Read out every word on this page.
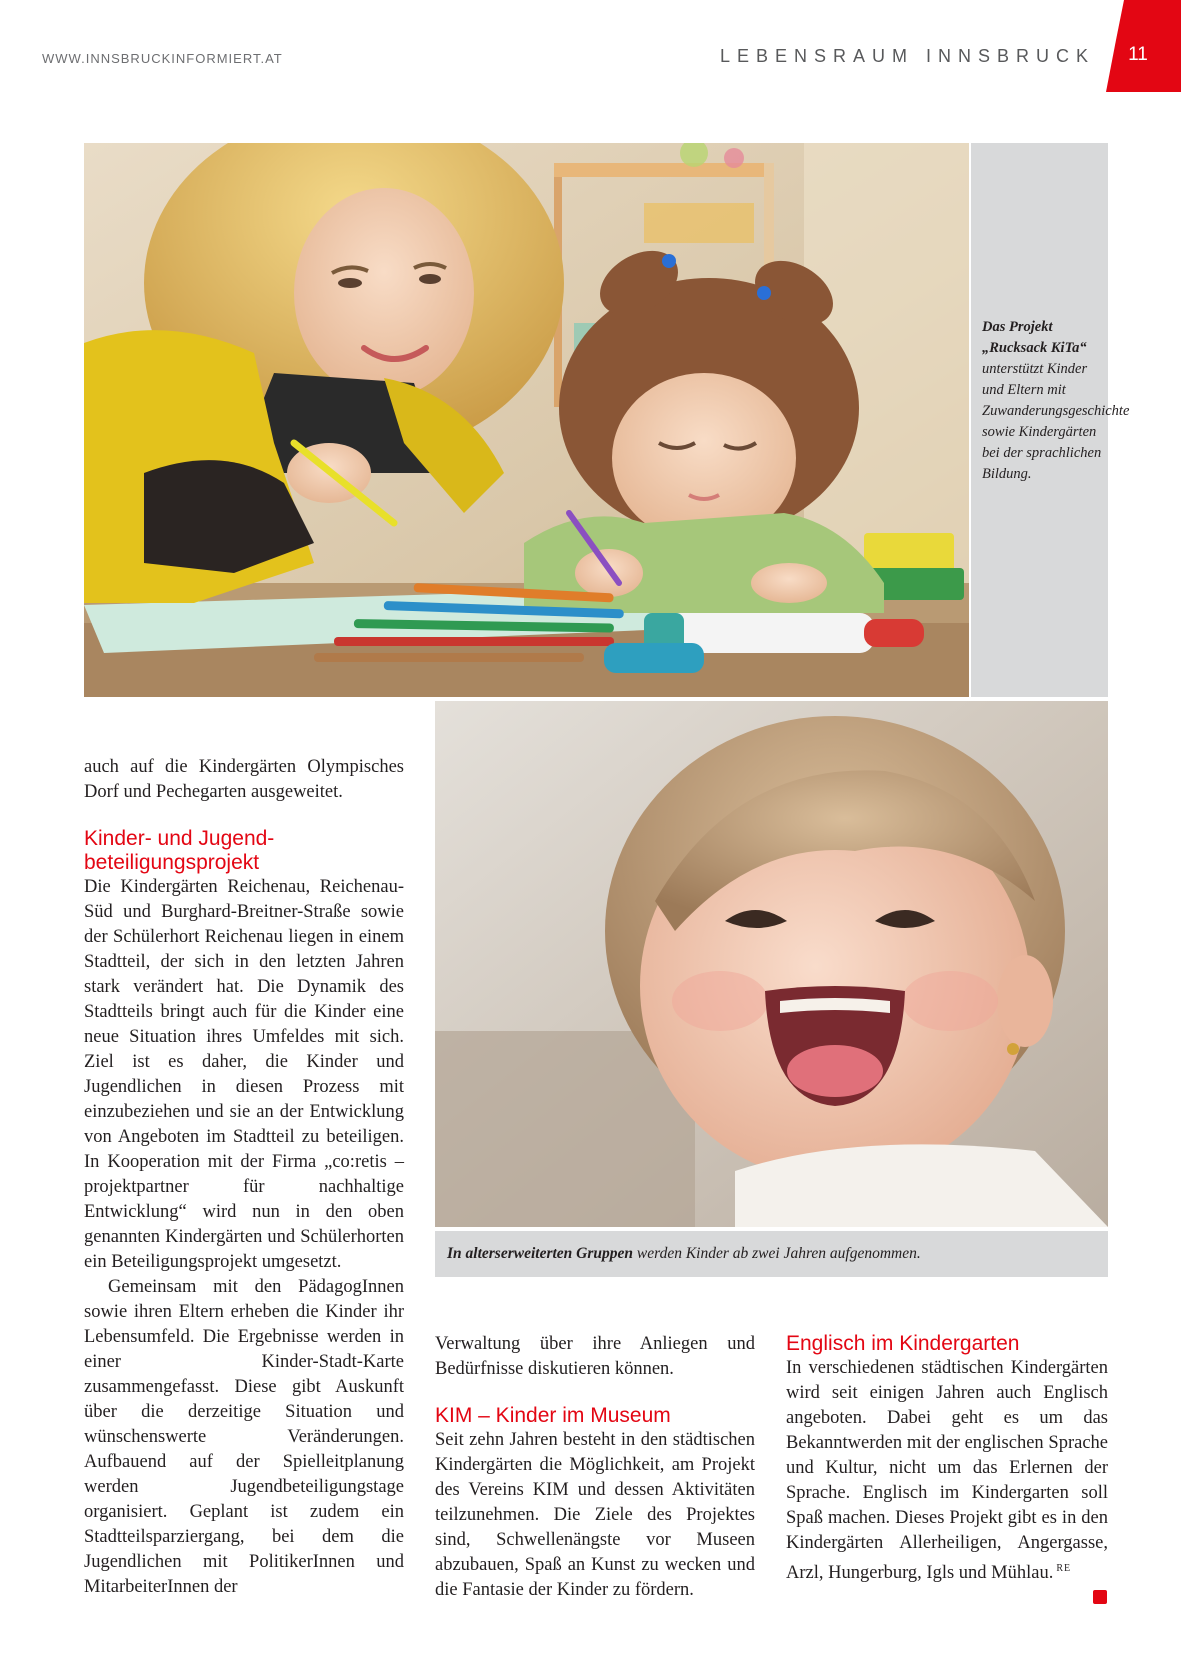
WWW.INNSBRUCKINFORMIERT.AT	LEBENSRAUM INNSBRUCK	11
Das Projekt „Rucksack KiTa“ unterstützt Kinder und Eltern mit Zuwanderungsgeschichte sowie Kindergärten bei der sprachlichen Bildung.
In alterserweiterten Gruppen werden Kinder ab zwei Jahren aufgenommen.

auch auf die Kindergärten Olympisches Dorf und Pechegarten ausgeweitet.

Kinder- und Jugend-
beteiligungsprojekt

Die Kindergärten Reichenau, Reichenau-Süd und Burghard-Breitner-Straße sowie der Schülerhort Reichenau liegen in einem Stadtteil, der sich in den letzten Jahren stark verändert hat. Die Dynamik des Stadtteils bringt auch für die Kinder eine neue Situation ihres Umfeldes mit sich. Ziel ist es daher, die Kinder und Jugendlichen in diesen Prozess mit einzubeziehen und sie an der Entwicklung von Angeboten im Stadtteil zu beteiligen. In Kooperation mit der Firma „co:retis – projektpartner für nachhaltige Entwicklung“ wird nun in den oben genannten Kindergärten und Schülerhorten ein Beteiligungsprojekt umgesetzt.

Gemeinsam mit den PädagogInnen sowie ihren Eltern erheben die Kinder ihr Lebensumfeld. Die Ergebnisse werden in einer Kinder-Stadt-Karte zusammengefasst. Diese gibt Auskunft über die derzeitige Situation und wünschenswerte Veränderungen. Aufbauend auf der Spielleitplanung werden Jugendbeteiligungstage organisiert. Geplant ist zudem ein Stadtteilsparziergang, bei dem die Jugendlichen mit PolitikerInnen und MitarbeiterInnen der

Verwaltung über ihre Anliegen und Bedürfnisse diskutieren können.

KIM – Kinder im Museum

Seit zehn Jahren besteht in den städtischen Kindergärten die Möglichkeit, am Projekt des Vereins KIM und dessen Aktivitäten teilzunehmen. Die Ziele des Projektes sind, Schwellenängste vor Museen abzubauen, Spaß an Kunst zu wecken und die Fantasie der Kinder zu fördern.

Englisch im Kindergarten

In verschiedenen städtischen Kindergärten wird seit einigen Jahren auch Englisch angeboten. Dabei geht es um das Bekanntwerden mit der englischen Sprache und Kultur, nicht um das Erlernen der Sprache. Englisch im Kindergarten soll Spaß machen. Dieses Projekt gibt es in den Kindergärten Allerheiligen, Angergasse, Arzl, Hungerburg, Igls und Mühlau. $^{RE}$
